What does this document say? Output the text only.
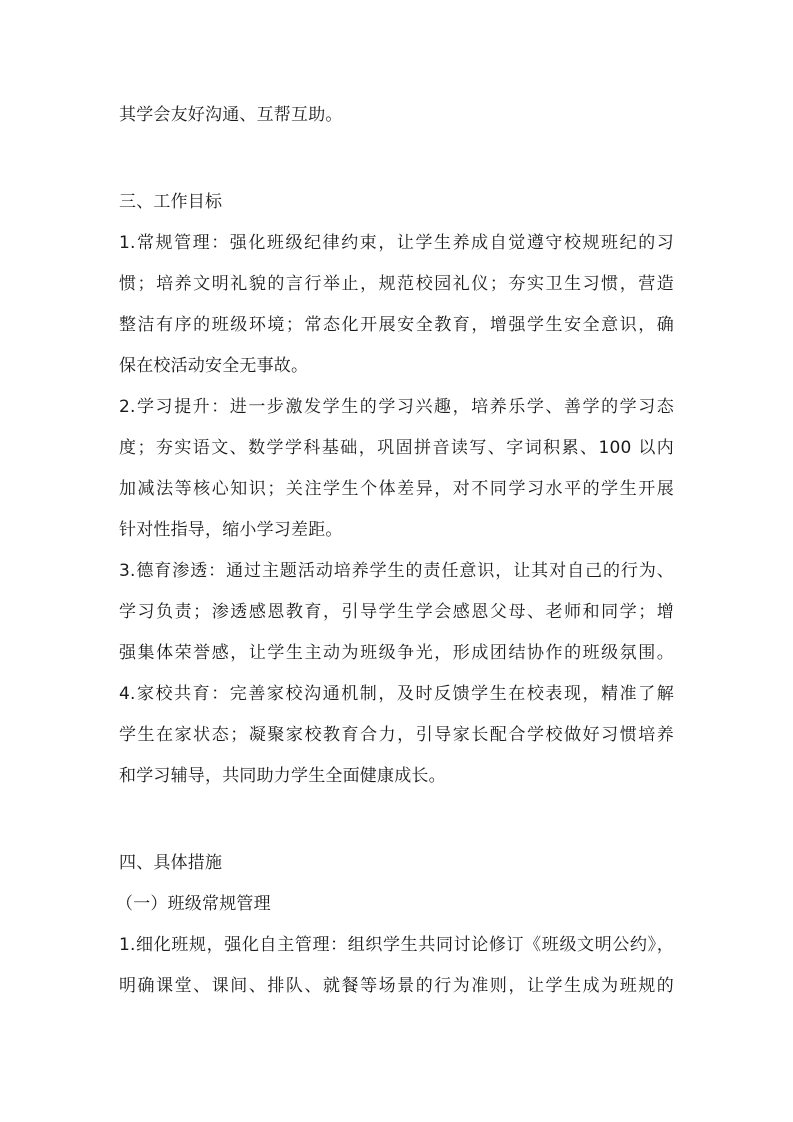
其学会友好沟通、互帮互助。
三、工作目标
1.常规管理：强化班级纪律约束，让学生养成自觉遵守校规班纪的习
惯；培养文明礼貌的言行举止，规范校园礼仪；夯实卫生习惯，营造
整洁有序的班级环境；常态化开展安全教育，增强学生安全意识，确
保在校活动安全无事故。
2.学习提升：进一步激发学生的学习兴趣，培养乐学、善学的学习态
度；夯实语文、数学学科基础，巩固拼音读写、字词积累、100 以内
加减法等核心知识；关注学生个体差异，对不同学习水平的学生开展
针对性指导，缩小学习差距。
3.德育渗透：通过主题活动培养学生的责任意识，让其对自己的行为、
学习负责；渗透感恩教育，引导学生学会感恩父母、老师和同学；增
强集体荣誉感，让学生主动为班级争光，形成团结协作的班级氛围。
4.家校共育：完善家校沟通机制，及时反馈学生在校表现，精准了解
学生在家状态；凝聚家校教育合力，引导家长配合学校做好习惯培养
和学习辅导，共同助力学生全面健康成长。
四、具体措施
（一）班级常规管理
1.细化班规，强化自主管理：组织学生共同讨论修订《班级文明公约》，
明确课堂、课间、排队、就餐等场景的行为准则，让学生成为班规的
